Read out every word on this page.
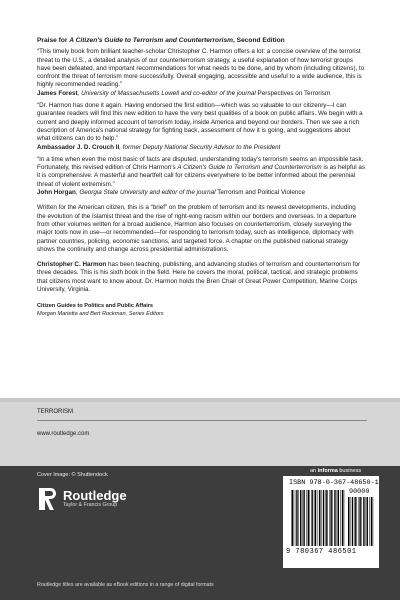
Praise for A Citizen's Guide to Terrorism and Counterterrorism, Second Edition
“This timely book from brilliant teacher-scholar Christopher C. Harmon offers a lot: a concise overview of the terrorist threat to the U.S., a detailed analysis of our counterterrorism strategy, a useful explanation of how terrorist groups have been defeated, and important recommendations for what needs to be done, and by whom (including citizens), to confront the threat of terrorism more successfully. Overall engaging, accessible and useful to a wide audience, this is highly recommended reading.”
James Forest, University of Massachusetts Lowell and co-editor of the journal Perspectives on Terrorism
“Dr. Harmon has done it again. Having endorsed the first edition—which was so valuable to our citizenry—I can guarantee readers will find this new edition to have the very best qualities of a book on public affairs. We begin with a current and deeply informed account of terrorism today, inside America and beyond our borders. Then we see a rich description of America's national strategy for fighting back, assessment of how it is going, and suggestions about what citizens can do to help.”
Ambassador J. D. Crouch II, former Deputy National Security Advisor to the President
“In a time when even the most basic of facts are disputed, understanding today's terrorism seems an impossible task. Fortunately, this revised edition of Chris Harmon's A Citizen's Guide to Terrorism and Counterterrorism is as helpful as it is comprehensive. A masterful and heartfelt call for citizens everywhere to be better informed about the perennial threat of violent extremism.”
John Horgan, Georgia State University and editor of the journal Terrorism and Political Violence
Written for the American citizen, this is a “brief” on the problem of terrorism and its newest developments, including the evolution of the Islamist threat and the rise of right-wing racism within our borders and overseas. In a departure from other volumes written for a broad audience, Harmon also focuses on counterterrorism, closely surveying the major tools now in use—or recommended—for responding to terrorism today, such as intelligence, diplomacy with partner countries, policing, economic sanctions, and targeted force. A chapter on the published national strategy shows the continuity and change across presidential administrations.
Christopher C. Harmon has been teaching, publishing, and advancing studies of terrorism and counterterrorism for three decades. This is his sixth book in the field. Here he covers the moral, political, tactical, and strategic problems that citizens most want to know about. Dr. Harmon holds the Bren Chair of Great Power Competition, Marine Corps University, Virginia.
Citizen Guides to Politics and Public Affairs
Morgan Marietta and Bert Rockman, Series Editors
TERRORISM
www.routledge.com
Cover Image: © Shutterstock
Routledge
Taylor & Francis Group
Routledge titles are available as eBook editions in a range of digital formats
an informa business
ISBN 978-0-367-48650-1
90000
9 780367 486501
